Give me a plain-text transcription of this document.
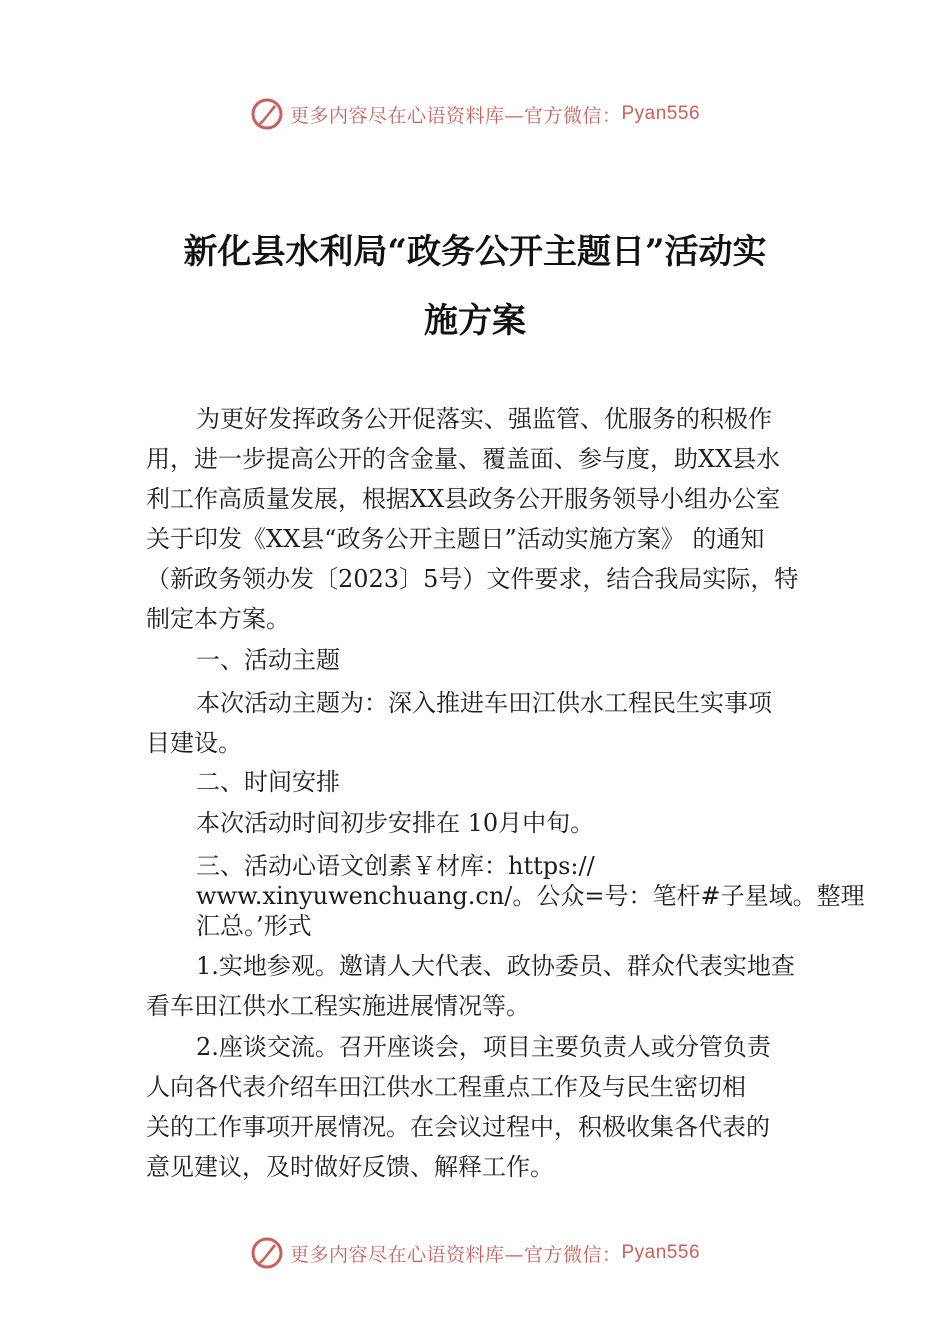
更多内容尽在心语资料库—官方微信： Pyan556
新化县水利局“政务公开主题日”活动实
施方案
为更好发挥政务公开促落实、强监管、优服务的积极作
用，进一步提高公开的含金量、覆盖面、参与度，助XX县水
利工作高质量发展，根据XX县政务公开服务领导小组办公室
关于印发《XX县“政务公开主题日”活动实施方案》 的通知
（新政务领办发〔2023〕5号）文件要求，结合我局实际，特
制定本方案。
一、活动主题
本次活动主题为：深入推进车田江供水工程民生实事项
目建设。
二、时间安排
本次活动时间初步安排在 10月中旬。
三、活动心语文创素￥材库：https://
www.xinyuwenchuang.cn/。公众=号：笔杆#子星域。整理
汇总。’形式
1.实地参观。邀请人大代表、政协委员、群众代表实地查
看车田江供水工程实施进展情况等。
2.座谈交流。召开座谈会，项目主要负责人或分管负责
人向各代表介绍车田江供水工程重点工作及与民生密切相
关的工作事项开展情况。在会议过程中，积极收集各代表的
意见建议，及时做好反馈、解释工作。
更多内容尽在心语资料库—官方微信： Pyan556
